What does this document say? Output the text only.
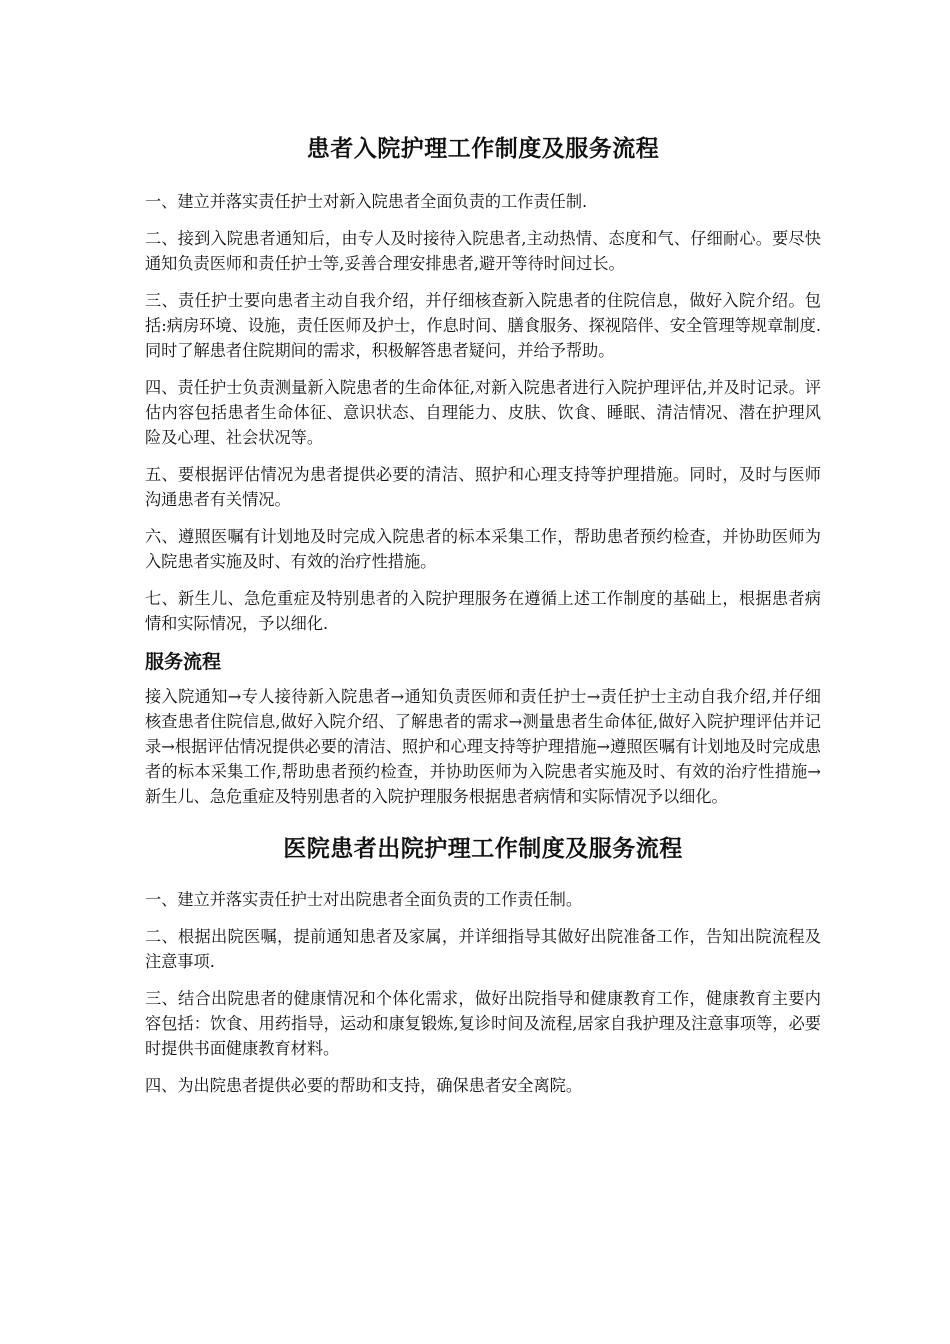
患者入院护理工作制度及服务流程

一、建立并落实责任护士对新入院患者全面负责的工作责任制.

二、接到入院患者通知后，由专人及时接待入院患者,主动热情、态度和气、仔细耐心。要尽快通知负责医师和责任护士等,妥善合理安排患者,避开等待时间过长。

三、责任护士要向患者主动自我介绍，并仔细核查新入院患者的住院信息，做好入院介绍。包括:病房环境、设施，责任医师及护士，作息时间、膳食服务、探视陪伴、安全管理等规章制度.同时了解患者住院期间的需求，积极解答患者疑问，并给予帮助。

四、责任护士负责测量新入院患者的生命体征,对新入院患者进行入院护理评估,并及时记录。评估内容包括患者生命体征、意识状态、自理能力、皮肤、饮食、睡眠、清洁情况、潜在护理风险及心理、社会状况等。

五、要根据评估情况为患者提供必要的清洁、照护和心理支持等护理措施。同时，及时与医师沟通患者有关情况。

六、遵照医嘱有计划地及时完成入院患者的标本采集工作，帮助患者预约检查，并协助医师为入院患者实施及时、有效的治疗性措施。

七、新生儿、急危重症及特别患者的入院护理服务在遵循上述工作制度的基础上，根据患者病情和实际情况，予以细化.

服务流程

接入院通知→专人接待新入院患者→通知负责医师和责任护士→责任护士主动自我介绍,并仔细核查患者住院信息,做好入院介绍、了解患者的需求→测量患者生命体征,做好入院护理评估并记录→根据评估情况提供必要的清洁、照护和心理支持等护理措施→遵照医嘱有计划地及时完成患者的标本采集工作,帮助患者预约检查，并协助医师为入院患者实施及时、有效的治疗性措施→新生儿、急危重症及特别患者的入院护理服务根据患者病情和实际情况予以细化。

医院患者出院护理工作制度及服务流程

一、建立并落实责任护士对出院患者全面负责的工作责任制。

二、根据出院医嘱，提前通知患者及家属，并详细指导其做好出院准备工作，告知出院流程及注意事项.

三、结合出院患者的健康情况和个体化需求，做好出院指导和健康教育工作，健康教育主要内容包括：饮食、用药指导，运动和康复锻炼,复诊时间及流程,居家自我护理及注意事项等，必要时提供书面健康教育材料。

四、为出院患者提供必要的帮助和支持，确保患者安全离院。
